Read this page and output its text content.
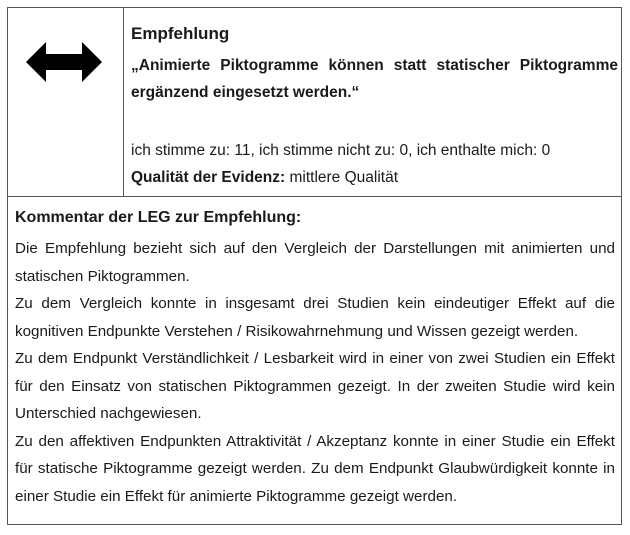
Empfehlung

„Animierte Piktogramme können statt statischer Piktogramme ergänzend eingesetzt werden.“

ich stimme zu: 11, ich stimme nicht zu: 0, ich enthalte mich: 0
Qualität der Evidenz: mittlere Qualität

Kommentar der LEG zur Empfehlung:

Die Empfehlung bezieht sich auf den Vergleich der Darstellungen mit animierten und statischen Piktogrammen.

Zu dem Vergleich konnte in insgesamt drei Studien kein eindeutiger Effekt auf die kognitiven Endpunkte Verstehen / Risikowahrnehmung und Wissen gezeigt werden.

Zu dem Endpunkt Verständlichkeit / Lesbarkeit wird in einer von zwei Studien ein Effekt für den Einsatz von statischen Piktogrammen gezeigt. In der zweiten Studie wird kein Unterschied nachgewiesen.

Zu den affektiven Endpunkten Attraktivität / Akzeptanz konnte in einer Studie ein Effekt für statische Piktogramme gezeigt werden. Zu dem Endpunkt Glaubwürdigkeit konnte in einer Studie ein Effekt für animierte Piktogramme gezeigt werden.
